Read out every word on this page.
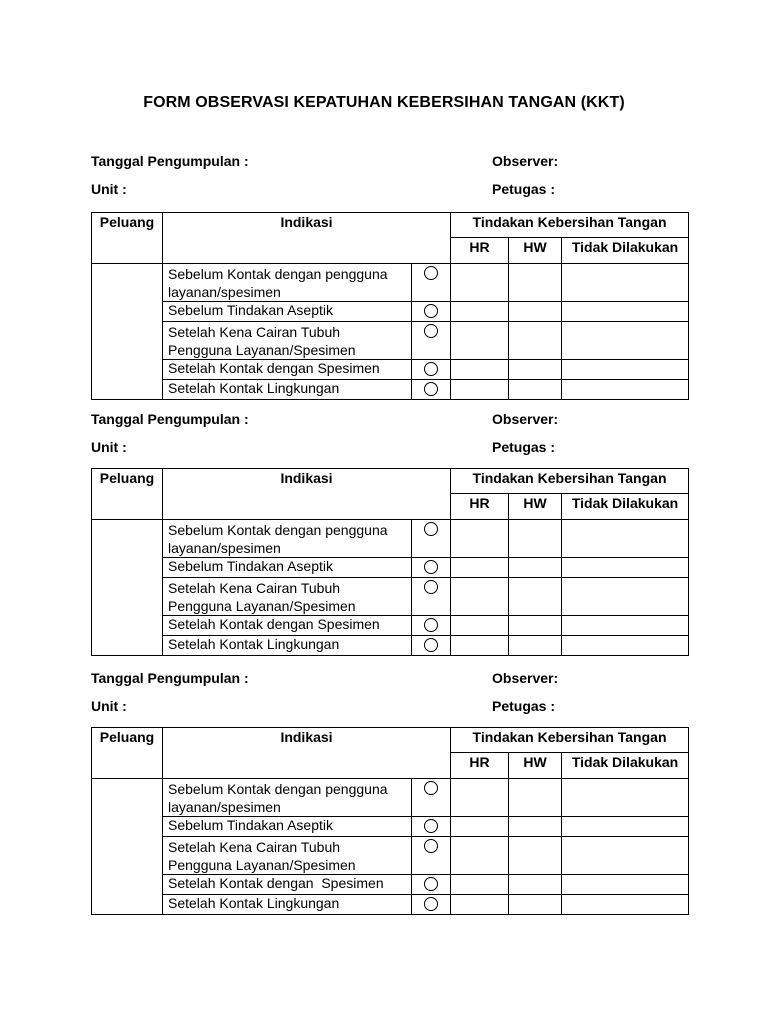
FORM OBSERVASI KEPATUHAN KEBERSIHAN TANGAN (KKT)
Tanggal Pengumpulan :	Observer:
Unit :	Petugas :
Peluang	Indikasi		Tindakan Kebersihan Tangan		
			HR	HW	Tidak Dilakukan

	Sebelum Kontak dengan pengguna layanan/spesimen				

	Sebelum Tindakan Aseptik				

	Setelah Kena Cairan Tubuh Pengguna Layanan/Spesimen				

	Setelah Kontak dengan Spesimen				

	Setelah Kontak Lingkungan				

Tanggal Pengumpulan :	Observer:
Unit :	Petugas :
Peluang	Indikasi		Tindakan Kebersihan Tangan		
			HR	HW	Tidak Dilakukan

	Sebelum Kontak dengan pengguna layanan/spesimen				

	Sebelum Tindakan Aseptik				

	Setelah Kena Cairan Tubuh Pengguna Layanan/Spesimen				

	Setelah Kontak dengan Spesimen				

	Setelah Kontak Lingkungan				

Tanggal Pengumpulan :	Observer:
Unit :	Petugas :
Peluang	Indikasi		Tindakan Kebersihan Tangan		
			HR	HW	Tidak Dilakukan

	Sebelum Kontak dengan pengguna layanan/spesimen				

	Sebelum Tindakan Aseptik				

	Setelah Kena Cairan Tubuh Pengguna Layanan/Spesimen				

	Setelah Kontak dengan  Spesimen				

	Setelah Kontak Lingkungan				
